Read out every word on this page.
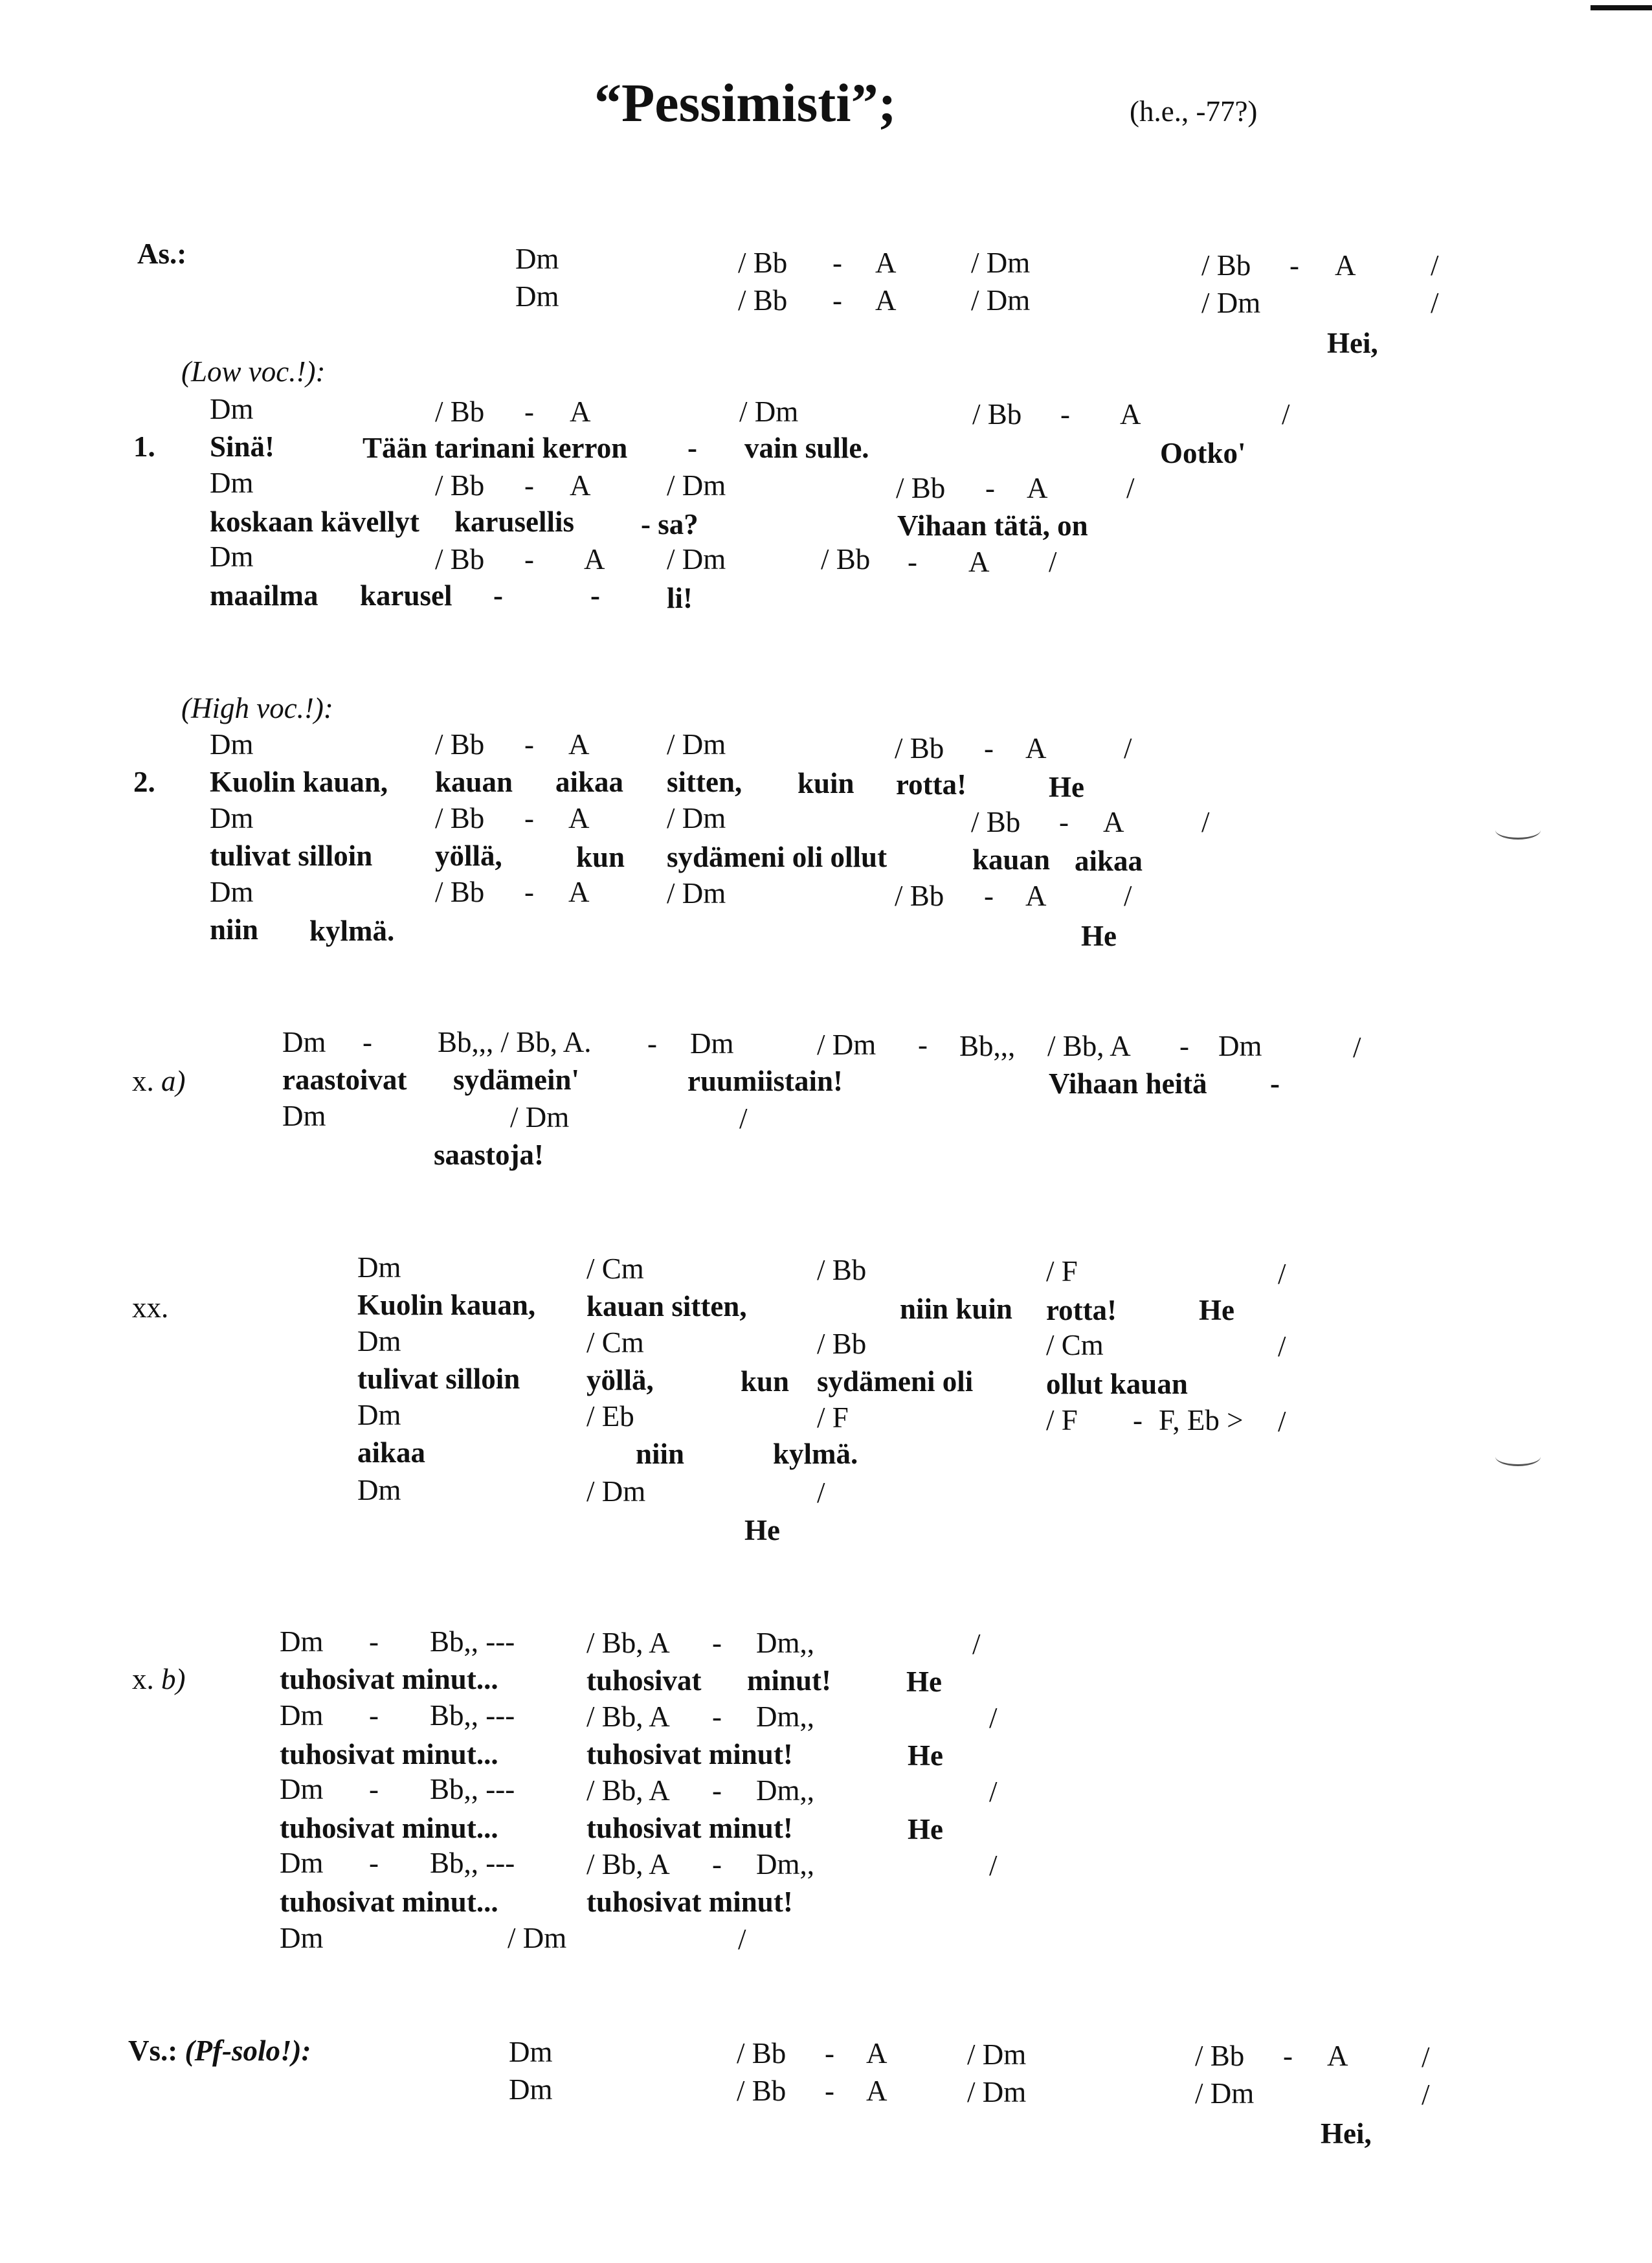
“Pessimisti”;	(h.e., -77?)
As.:	Dm	/ Bb - A	/ Dm	/ Bb - A	/
Dm	/ Bb - A	/ Dm	/ Dm	/
Hei,
(Low voc.!):
Dm	/ Bb - A	/ Dm	/ Bb - A	/
1. Sinä!	Tään tarinani kerron - vain sulle.	Ootko'
Dm	/ Bb - A	/ Dm	/ Bb - A	/
koskaan kävellyt karusellis - sa?	Vihaan tätä, on
Dm	/ Bb - A / Dm	/ Bb - A /
maailma karusel -	- li!
(High voc.!):
Dm	/ Bb - A	/ Dm	/ Bb - A	/
2. Kuolin kauan, kauan aikaa sitten, kuin rotta!	He
Dm	/ Bb - A	/ Dm	/ Bb - A	/
tulivat silloin yöllä,	kun sydämeni oli ollut	kauan aikaa
Dm	/ Bb - A	/ Dm	/ Bb - A	/
niin kylmä.	He
Dm - Bb,,, / Bb, A. - Dm	/ Dm - Bb,,, / Bb, A - Dm	/
x. a)	raastoivat sydämein'	ruumiistain!	Vihaan heitä -
Dm	/ Dm	/
saastoja!
Dm	/ Cm	/ Bb	/ F	/
xx.	Kuolin kauan, kauan sitten,	niin kuin rotta!	He
Dm	/ Cm	/ Bb	/ Cm	/
tulivat silloin yöllä,	kun sydämeni oli	ollut kauan
Dm	/ Eb	/ F	/ F - F, Eb > /
aikaa	niin	kylmä.
Dm	/ Dm	/
He
x. b)
Dm - Bb,, --- / Bb, A - Dm,,	/
tuhosivat minut...	tuhosivat minut!	He
Dm - Bb,, --- / Bb, A - Dm,,	/
tuhosivat minut...	tuhosivat minut!	He
Dm - Bb,, --- / Bb, A - Dm,,	/
tuhosivat minut...	tuhosivat minut!	He
Dm - Bb,, --- / Bb, A - Dm,,	/
tuhosivat minut...	tuhosivat minut!
Dm	/ Dm	/
Vs.: (Pf-solo!):	Dm	/ Bb - A	/ Dm	/ Bb - A	/
Dm	/ Bb - A	/ Dm	/ Dm	/
Hei,
